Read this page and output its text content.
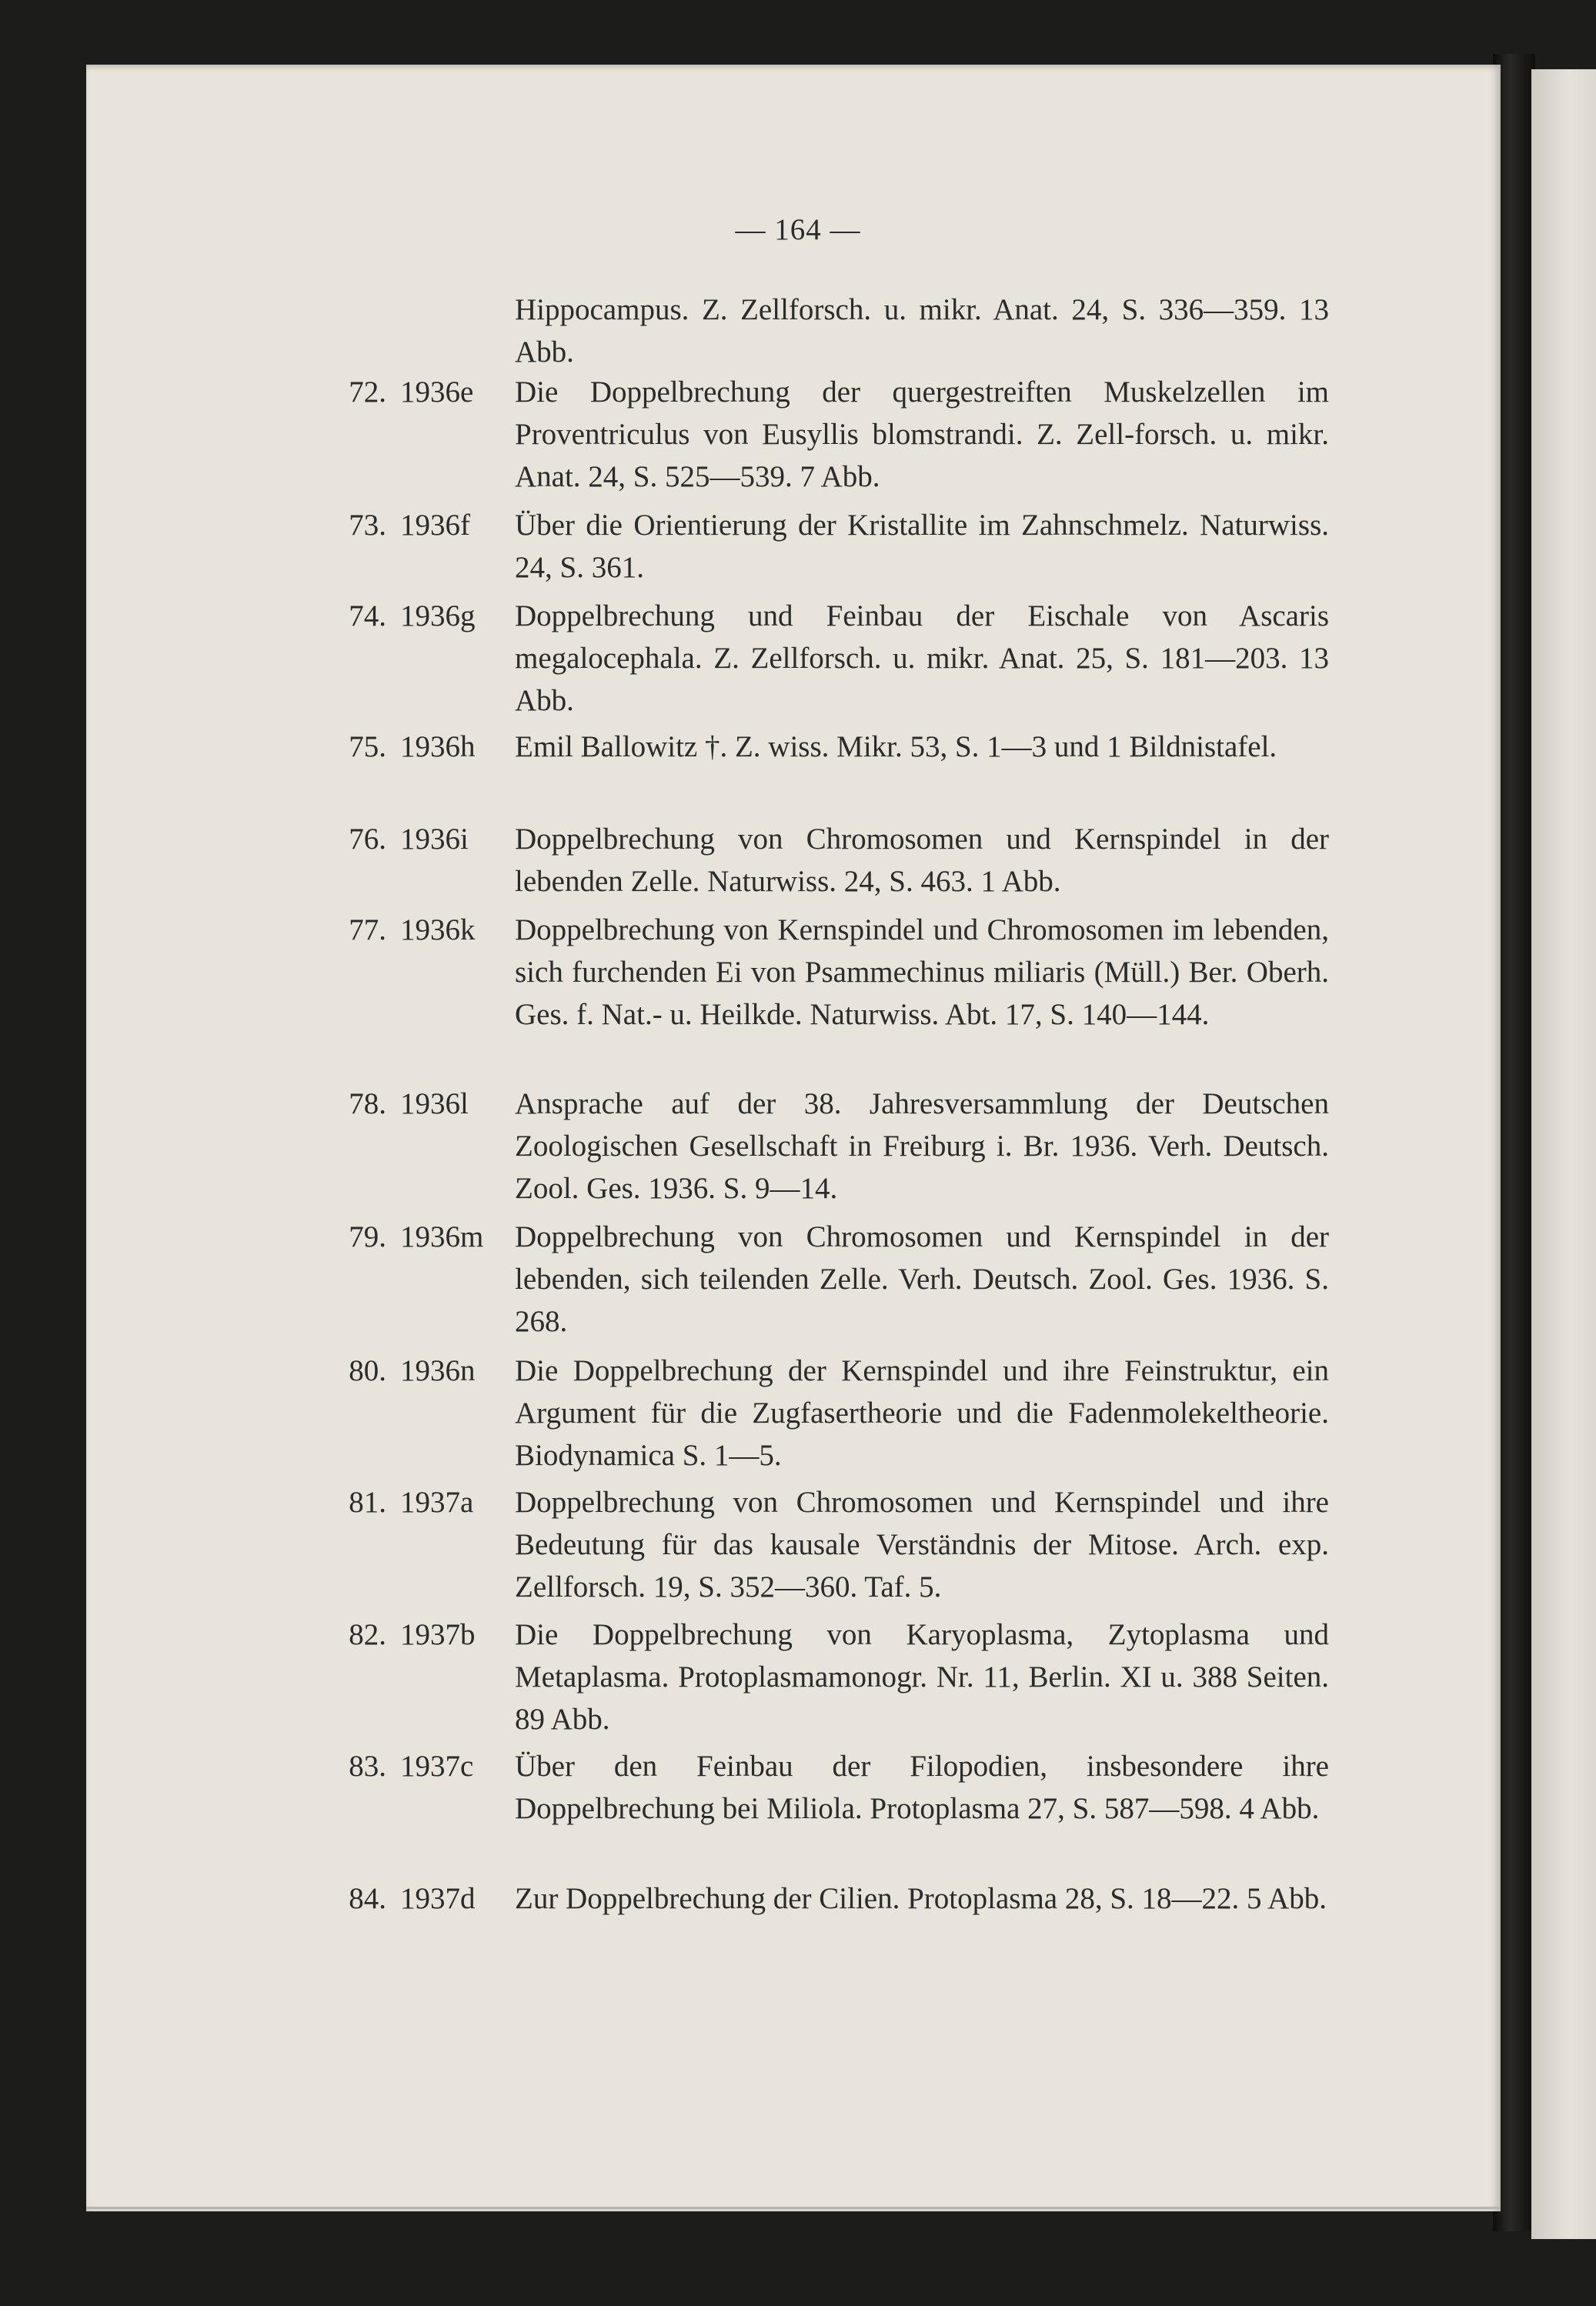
— 164 —
Hippocampus. Z. Zellforsch. u. mikr. Anat. 24, S. 336—359. 13 Abb.
72. 1936e Die Doppelbrechung der quergestreiften Muskelzellen im Proventriculus von Eusyllis blomstrandi. Z. Zell-forsch. u. mikr. Anat. 24, S. 525—539. 7 Abb.
73. 1936f Über die Orientierung der Kristallite im Zahnschmelz. Naturwiss. 24, S. 361.
74. 1936g Doppelbrechung und Feinbau der Eischale von Ascaris megalocephala. Z. Zellforsch. u. mikr. Anat. 25, S. 181—203. 13 Abb.
75. 1936h Emil Ballowitz †. Z. wiss. Mikr. 53, S. 1—3 und 1 Bildnistafel.
76. 1936i Doppelbrechung von Chromosomen und Kernspindel in der lebenden Zelle. Naturwiss. 24, S. 463. 1 Abb.
77. 1936k Doppelbrechung von Kernspindel und Chromosomen im lebenden, sich furchenden Ei von Psammechinus miliaris (Müll.) Ber. Oberh. Ges. f. Nat.- u. Heilkde. Naturwiss. Abt. 17, S. 140—144.
78. 1936l Ansprache auf der 38. Jahresversammlung der Deutschen Zoologischen Gesellschaft in Freiburg i. Br. 1936. Verh. Deutsch. Zool. Ges. 1936. S. 9—14.
79. 1936m Doppelbrechung von Chromosomen und Kernspindel in der lebenden, sich teilenden Zelle. Verh. Deutsch. Zool. Ges. 1936. S. 268.
80. 1936n Die Doppelbrechung der Kernspindel und ihre Feinstruktur, ein Argument für die Zugfasertheorie und die Fadenmolekeltheorie. Biodynamica S. 1—5.
81. 1937a Doppelbrechung von Chromosomen und Kernspindel und ihre Bedeutung für das kausale Verständnis der Mitose. Arch. exp. Zellforsch. 19, S. 352—360. Taf. 5.
82. 1937b Die Doppelbrechung von Karyoplasma, Zytoplasma und Metaplasma. Protoplasmamonogr. Nr. 11, Berlin. XI u. 388 Seiten. 89 Abb.
83. 1937c Über den Feinbau der Filopodien, insbesondere ihre Doppelbrechung bei Miliola. Protoplasma 27, S. 587—598. 4 Abb.
84. 1937d Zur Doppelbrechung der Cilien. Protoplasma 28, S. 18—22. 5 Abb.
